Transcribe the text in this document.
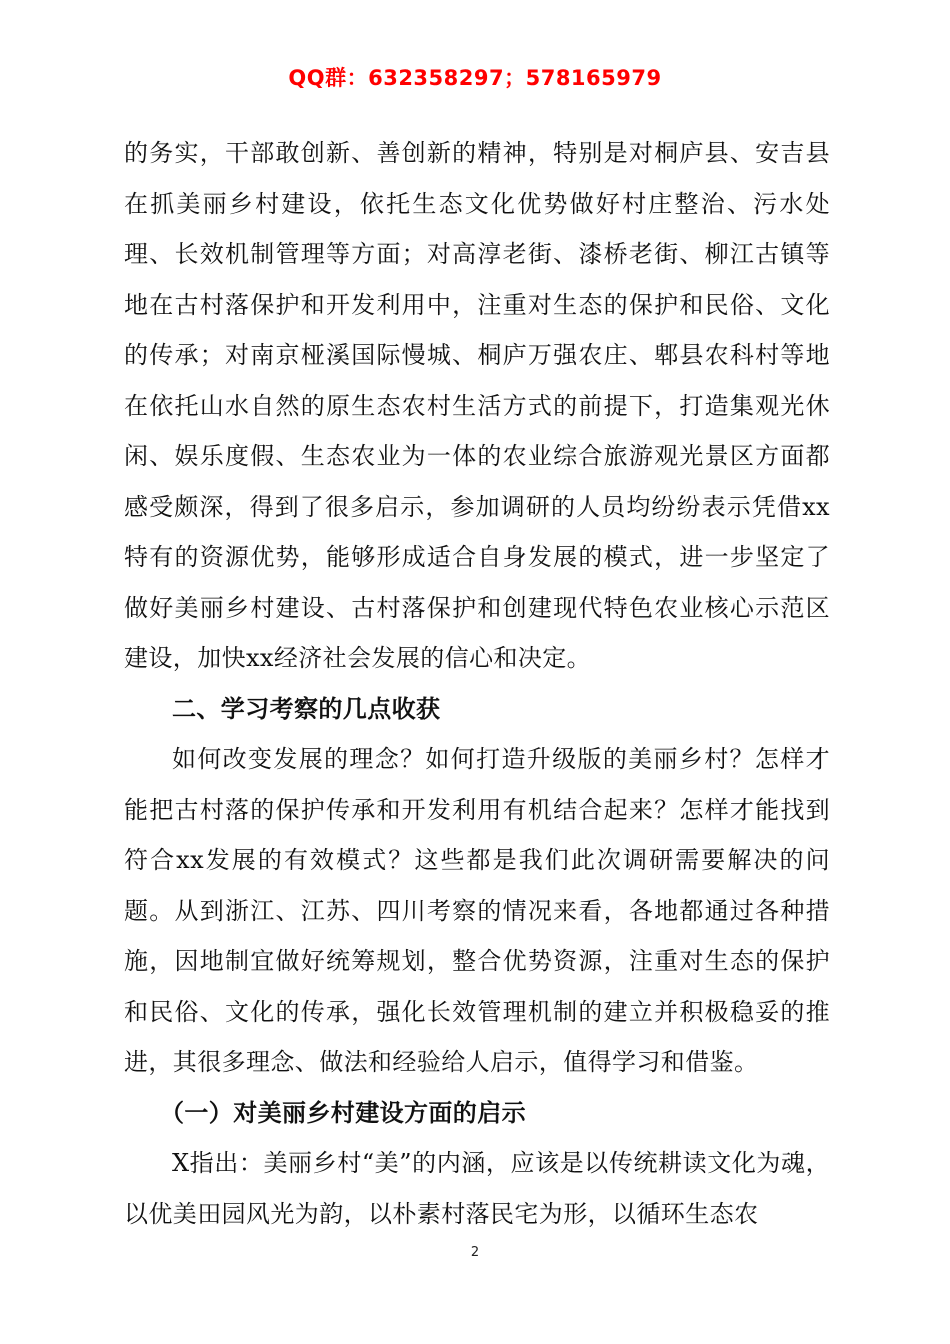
QQ群：632358297；578165979

的务实，干部敢创新、善创新的精神，特别是对桐庐县、安吉县在抓美丽乡村建设，依托生态文化优势做好村庄整治、污水处理、长效机制管理等方面；对高淳老街、漆桥老街、柳江古镇等地在古村落保护和开发利用中，注重对生态的保护和民俗、文化的传承；对南京桠溪国际慢城、桐庐万强农庄、郫县农科村等地在依托山水自然的原生态农村生活方式的前提下，打造集观光休闲、娱乐度假、生态农业为一体的农业综合旅游观光景区方面都感受颇深，得到了很多启示，参加调研的人员均纷纷表示凭借xx特有的资源优势，能够形成适合自身发展的模式，进一步坚定了做好美丽乡村建设、古村落保护和创建现代特色农业核心示范区建设，加快xx经济社会发展的信心和决定。

二、学习考察的几点收获

如何改变发展的理念？如何打造升级版的美丽乡村？怎样才能把古村落的保护传承和开发利用有机结合起来？怎样才能找到符合xx发展的有效模式？这些都是我们此次调研需要解决的问题。从到浙江、江苏、四川考察的情况来看，各地都通过各种措施，因地制宜做好统筹规划，整合优势资源，注重对生态的保护和民俗、文化的传承，强化长效管理机制的建立并积极稳妥的推进，其很多理念、做法和经验给人启示，值得学习和借鉴。

（一）对美丽乡村建设方面的启示

X指出：美丽乡村“美”的内涵，应该是以传统耕读文化为魂，以优美田园风光为韵，以朴素村落民宅为形，以循环生态农

2
